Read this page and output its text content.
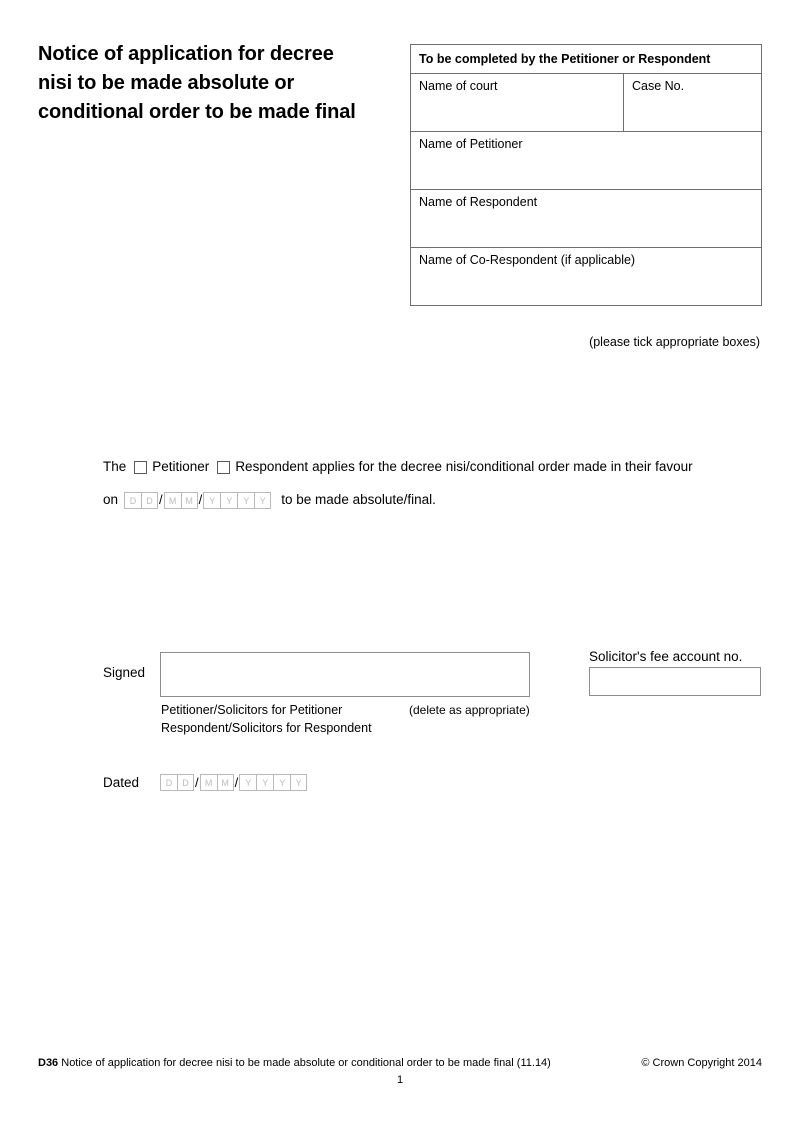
Notice of application for decree nisi to be made absolute or conditional order to be made final
To be completed by the Petitioner or Respondent
Name of court	Case No.
Name of Petitioner
Name of Respondent
Name of Co-Respondent (if applicable)
(please tick appropriate boxes)
The Petitioner Respondent applies for the decree nisi/conditional order made in their favour
on	D	D / M	M / Y	Y	Y	Y	to be made absolute/final.
Signed
Petitioner/Solicitors for Petitioner
Respondent/Solicitors for Respondent
(delete as appropriate)
Solicitor's fee account no.
Dated	D	D / M	M / Y	Y	Y	Y
D36 Notice of application for decree nisi to be made absolute or conditional order to be made final (11.14)	© Crown Copyright 2014
1
